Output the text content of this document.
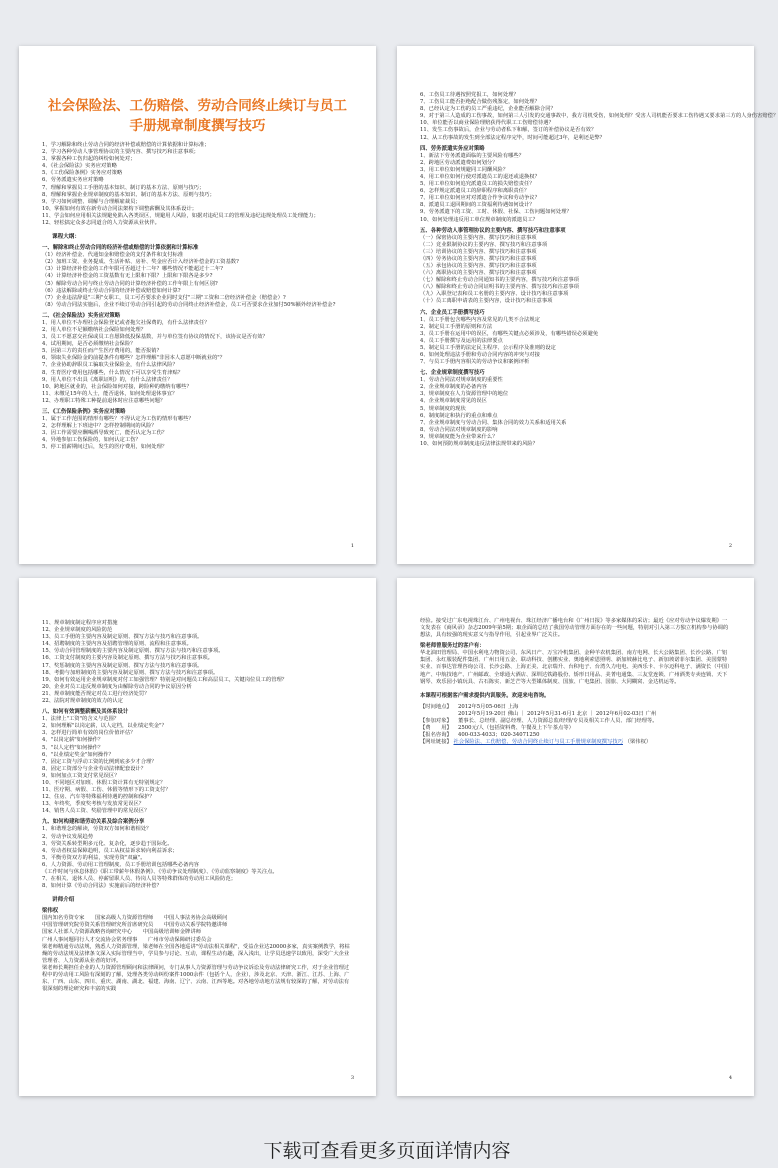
社会保险法、工伤赔偿、劳动合同终止续订与员工手册规章制度撰写技巧
1、学习解除和终止劳动合同的经济补偿或赔偿的计算依据和计算标准；
2、学习各种劳动人事管理协议的主要内容、撰写技巧和注意事项；
3、掌握各种工伤归起的纠纷如何处对；
4、《社会保险法》实务应对策略
5、《工伤保险条例》实务应对策略
6、劳务派遣实务应对策略
7、理解和掌握员工手册的基本知识、制订的基本方法、原则与技巧；
8、理解和掌握企业规章制度的基本知识、制订的基本方法、原则与技巧；
9、学习如何调整、调解与合理解雇裁员；
10、掌握如何有效在新劳动合同法架构下调整薪酬及其体系设计；
11、学会如何应用相关法规避免陷入各类误区，规避用人风险，如据对违纪员工的管理及违纪违规处理员工处理能力；
12、轻松搞定众多志同道合的人力资源从业伙伴。
课程大纲：
一、解除和终止劳动合同的经济补偿或赔偿的计算依据和计算标准
（1）经济补偿金、代通知金和赔偿金的支付条件和支付标准
（2）加班工资、业务提成、生活补贴、房补、奖金应否计入经济补偿金的工资基数?
（3）计算经济补偿金的工作年限可否超过十二年？哪些情况不能超过十二年?
（4）计算经济补偿金的工资基数有无上限和下限？上限和下限各是多少?
（5）解除劳动合同与终止劳动合同的计算经济补偿的工作年限上有何区别?
（6）违法解除或终止劳动合同的经济补偿或赔偿如何计算?
（7）企业违法辞退"三期"女职工，员工可否要求企业同时支付"三期"工资和二倍经济补偿金（赔偿金）?
（8）劳动合同法实施后，企业不续订劳动合同引起的劳动合同终止经济补偿金，员工可否要求企业加付50%额外经济补偿金?
二、《社会保险法》实务应对策略
1、用人单位不办理社会保险登记或者拖欠社保费的，有什么法律责任？
2、用人单位不足额缴纳社会保险如何处理？
3、员工不愿意交社保或员工自愿降低投保基数，并与单位签有协议的情况下，该协议是否有效？
4、试用期间，是否必须缴纳社会保险？
5、因第三方的责任而产生医疗费用的，能否报销？
6、领取失业保险金的前提条件有哪些？怎样理解"非因本人意愿中断就业的"？
7、企业协助辞职员工骗取失业保险金，有什么法律风险？
8、生育医疗费用包括哪些，什么情况下可以享受生育津贴？
9、用人单位不出具《离职证明》的，有什么法律责任？
10、跨地区就业的，社会保险如何对接，跨险种的缴纳有哪些？
11、未缴足15年的人士，能否退休，如何处理退休事宜？
12、办理职工特殊工种提前退休时应注意哪些问题？
三、《工伤保险条例》实务应对策略
1、属于工作范围的情形有哪些？不得认定为工伤的情形有哪些？
2、怎样理解上下班途中？怎样控制期间的风险？
3、因工作需要应酬喝酒导致死亡，能否认定为工伤？
4、异地参加工伤保险的，如何认定工伤？
5、停工留薪期间过后，发生的医疗费用，如何处理？
1
6、工伤员工待遇按照党报工，如何处理？
7、工伤员工能否拒绝配合做伤残鉴定，如何处理？
8、已经认定为工伤的员工严重违纪，企业能否解除合同？
9、对于第三人造成的工伤事故，如何第三人引发的交通事故中，我方司机受伤，如何处理？受害人司机能否要求工伤待遇又要求第三方的人身伤害赔偿？
10、单位能否以商业保险理赔获得代职工工伤赔偿待遇？
11、发生工伤事故后，企业与劳动者私下和解，签订的补偿协议是否有效？
12、从工伤事故的发生到全部法定程序完毕，时间可能超过3年，是利还是弊？
四、劳务派遣实务应对策略
1、新法下劳务派遣面临的主要风险有哪些？
2、跨地区劳动派遣费如何划分？
3、用工单位如何规避同工同酬风险？
4、用工单位如何行使对派遣员工的退还或退换权？
5、用工单位如何追究派遣员工的损失赔偿责任？
6、怎样规定派遣员工的辞职程序和离职责任？
7、用工单位如何应对对派遣合作争议和劳动争议？
8、派遣员工退回期间的工资福利待遇如何设计？
9、劳务派遣下的工资、工时、休假、社保、工伤问题如何处理？
10、如何处理违反用工单位规章制度的派遣员工？
五、各种劳动人事管理协议的主要内容、撰写技巧和注意事项
（一）保密协议的主要内容、撰写技巧和注意事项
（二）竞业限制协议的主要内容、撰写技巧和注意事项
（三）培训协议的主要内容、撰写技巧和注意事项
（四）劳务协议的主要内容、撰写技巧和注意事项
（五）承包协议的主要内容、撰写技巧和注意事项
（六）离职协议的主要内容、撰写技巧和注意事项
（七）解除和终止劳动合同通知书的主要内容，撰写技巧和注意事项
（八）解除和终止劳动合同证明书的主要内容、撰写技巧和注意事项
（九）入职登记表和员工名册的主要内容、设计技巧和注意事项
（十）员工离职申请表的主要内容，设计技巧和注意事项
六、企业员工手册撰写技巧
1、员工手册包含哪些内容及常见的几类不合法规定
2、制定员工手册的原则和方法
3、员工手册在运用中的误区，有哪些关键点必须涉及，有哪些错误必须避免
4、员工手册撰写及运用的法律要点
5、制定员工手册的法定民主程序、公示程序及准则的设定
6、如何处理违法手册和劳动合同内容的冲突与对接
7、与员工手册内容相关的劳动争议和案例评析
七、企业规章制度撰写技巧
1、劳动合同法对规章制度的重要性
2、企业规章制度的必备内容
3、规章制度在人力资源管理中的地位
4、企业规章制度常见的误区
5、规章制度的现状
6、制度制定和执行的重点和难点
7、企业规章制度与劳动合同、集体合同的效力关系和适用关系
8、劳动合同法对规章制度的影响
9、规章制度能为企业带来什么？
10、如何预防规章制度违反法律法规带来的风险？
2
11、规章制度制定程序应对措施
12、企业规章制度的风险防范
13、员工手册的主要内容及制定原则、撰写方法与技巧和注意事项。
14、招聘制度的主要内容及招聘管理的原则、流程和注意事项。
15、劳动合同管理制度的主要内容及制定原则、撰写方法与技巧和注意事项。
16、工资支付制度的主要内容及制定原则、撰写方法与技巧和注意事项。
17、奖惩制度的主要内容及制定原则、撰写方法与技巧和注意事项。
18、考勤与加班制度的主要内容及制定原则、撰写方法与技巧和注意事项。
19、如何有效运用企业规章制度对付工如强管理？特别是对问题员工和高层员工，关键岗位员工的管理？
20、企业对员工违反规章制度为由解除劳动合同的争议原因分析
21、规章制度能否规定对员工进行经济处罚？
22、法院对规章制度的效力的认定
八、如何有效调整薪酬及其体系设计
1、法律上"工资"的含义与范围？
2、如何理解"以岗定薪，以人定档，以业绩定奖金"？
3、怎样进行简单有效的岗位价值评估？
4、"以岗定薪"如何操作？
5、"以人定档"如何操作？
6、"以业绩定奖金"如何操作？
7、固定工资与浮动工资的比例到底多少才合理？
8、固定工资部分与企业劳动法律配套设计？
9、如何加点工资支付常见误区？
10、不同地区对加班、休假工资计算有无特别规定？
11、医疗期、病假、工伤、休假等情形下的工资支付？
12、住房、汽车等特殊福利待遇的控制和保护？
13、年终奖，季度奖考核与发放常见误区？
14、销售人员工资、奖励管理中的常见误区？
九、如何构建和谐劳动关系及综合案例分享
1、和谐理念的解读，劳资双方如何和谐相处？
2、劳动争议发展趋势
3、劳资关系转型期多元化、复杂化，逐步趋于国际化。
4、劳动者权益保障趋明，员工从权益诉求转向利益诉求；
5、平衡劳资双方的利益，实现劳资"双赢"。
6、人力资源、劳动用工管理制度、员工手册培训包括哪些必备内容
《工作时间与休息休假》《职工带薪年休假条例》、《劳动争议处理制度》、《劳动监察制度》等关注点。
7、在相关、退休人员、停薪留职人员、待岗人员等特殊群体的劳动用工风险防范；
8、如何计算《劳动合同法》实施前后的经济补偿？
讲师介绍
梁伟权
国内知名劳资专家　　国家高级人力资源管理师　　中国人事法务协会高级顾问
中国管理研究院劳资关系管理研究所首席研究员　　中国劳动关系学院特邀讲师
国家人社部人力资源战略咨询研究中心　　中国高级培训师金牌讲师
广州人事问题同行人才交流协会常务理事　　广州市劳动保障研讨委员会
梁老师精通劳动法规，熟悉人力资源管理，梁老师在全国各地巡讲"劳动法相关课程"，受益企业达20000多家，真实案例教学，将枯燥的劳动法规及法律条文深入实际管理当中，学员参与讨论、互动，课程生动有趣，深入浅出，让学员迅速学以致用，深受广大企业管理者、人力资源从业者的好评。
梁老师长期担任企业的人力资源管理顾问和法律顾问，专门从事人力资源管理与劳动争议诉讼及劳动法律研究工作，对于企业管理过程中的劳动用工风险有深刻的了解，处理各类劳动纠纷案件1000余件（包括个人，企业），涉及北京、天津、浙江、江苏、上海、广东、广西、山东、四川、重庆、湖南、湖北、福建、海南、辽宁、云南、江西等地。对各地劳动地方法规有较深的了解，对劳动法有很深刻的理论研究和丰富的实践
3
经验。接受过广东电视珠江台、广州电视台、珠江经济广播电台和《广州日报》等多家媒体的采访；最近《应对劳动争议爆发期》一文发表在《商风帚》杂志2009年第5期；取企面的总结了我国劳动管理方面存在的一些问题，特别对引入第三方独立机构参与协调的想法，具有较强的现实意义与指导作用，引起业界广泛关注。
梁老师曾服务过的客户有：
华北油田管理局、中国水利电力物资公司、东风日产、万宝冷机集团、金种羊农机集团、南方电网、长大公路集团、长沙公路、广铝集团、永红服装配件集团、广州日用五金、联动科技、创鹏实业、奥地利索恩照明、新加坡赫比电子、新加坡诺菲尔集团、美国蒙特实业、百事达管理咨询公司、长沙公路、上海正美、北京瑞升、台积电子、台湾久力电电、美西乐卡、卡尔迈科电子、满资长（中国）地产、中航技地产、广州邮政、全球通大酒店、深圳达铁路股份、矫形日用品、美菁电通集、三友堂连锁、广州酒类专卖连锁、天下钢琴、欢乐园小镇玩具、古石陈实、新芝芒等大型媒体制度、国旅、广电集团、国旅、大同糊窝、金达机运等。
本课程可根据客户需求提供内训服务。欢迎来电咨询。
【时间地点】 2012年5月05-06日 上海
2012年5月19-20日 佛山 ｜ 2012年5月31-6月1 北京 ｜ 2012年6月02-03日 广州
【参加对象】 董事长、总经理、副总经理、人力资源总监/经理/专员及相关工作人员、部门经理等。
【费　　用】 2500元/人（包括资料费、午餐及上下午茶点等）
【报名咨询】 400-033-4033；020-34071250
【网址链接】 社会保险法、工伤赔偿、劳动合同终止续订与员工手册规章制度撰写技巧 （梁伟权）
4
下载可查看更多页面详情内容
